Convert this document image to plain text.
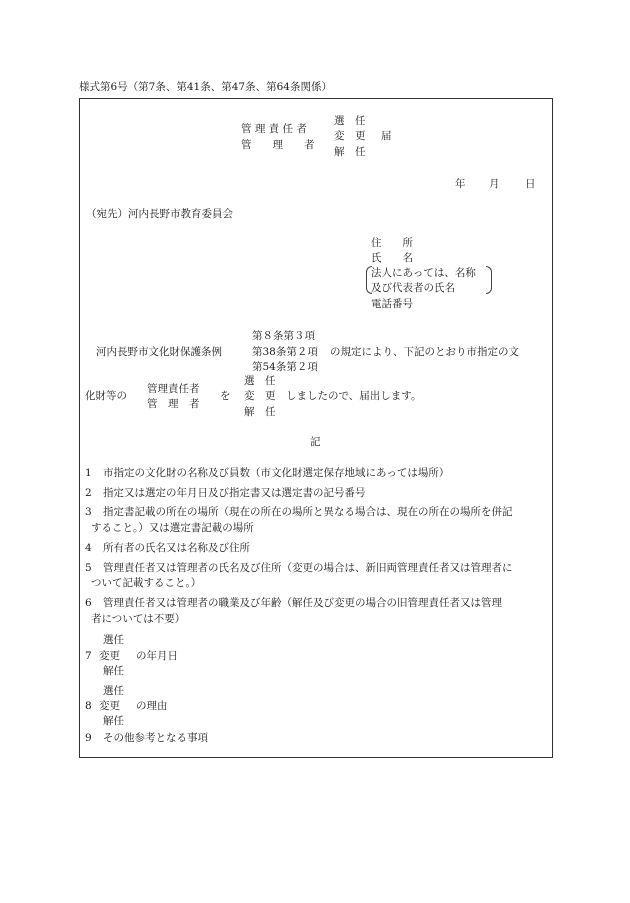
様式第6号（第7条、第41条、第47条、第64条関係）
管 理 責 任 者
管　　理　　者
選　任
変　更
解　任
届
年 月 日
（宛先）河内長野市教育委員会
住　　所
氏　　名
法人にあっては、名称
及び代表者の氏名
電話番号
河内長野市文化財保護条例
第８条第３項
第38条第２項
第54条第２項
の規定により、下記のとおり市指定の文
化財等の
管理責任者
管　理　者
を
選　任
変　更
解　任
しましたので、届出します。
記
1 市指定の文化財の名称及び員数（市文化財選定保存地域にあっては場所）
2 指定又は選定の年月日及び指定書又は選定書の記号番号
3 指定書記載の所在の場所（現在の所在の場所と異なる場合は、現在の所在の場所を併記
すること。）又は選定書記載の場所
4 所有者の氏名又は名称及び住所
5 管理責任者又は管理者の氏名及び住所（変更の場合は、新旧両管理責任者又は管理者に
ついて記載すること。）
6 管理責任者又は管理者の職業及び年齢（解任及び変更の場合の旧管理責任者又は管理
者については不要）
選任
7 変更 の年月日
解任
選任
8 変更 の理由
解任
9 その他参考となる事項
